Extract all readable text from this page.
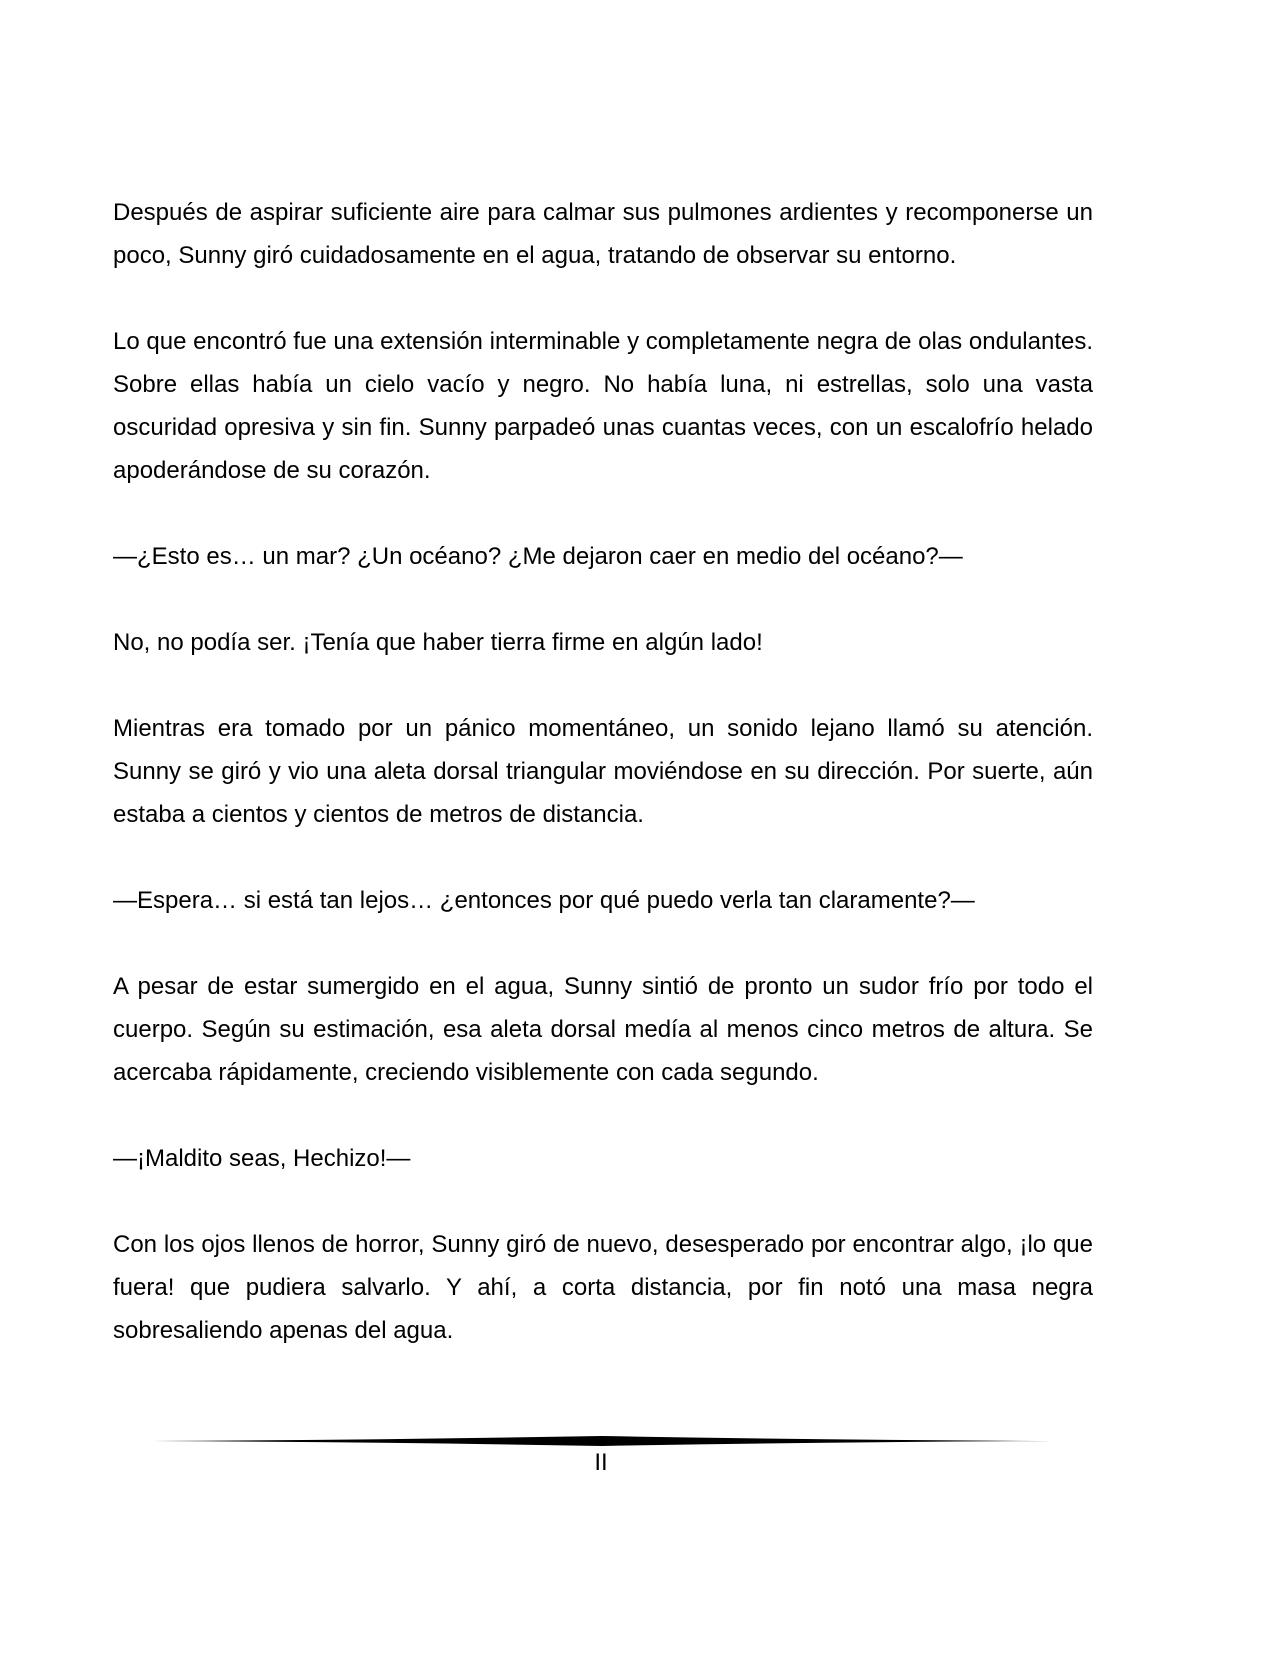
Después de aspirar suficiente aire para calmar sus pulmones ardientes y recomponerse un poco, Sunny giró cuidadosamente en el agua, tratando de observar su entorno.

Lo que encontró fue una extensión interminable y completamente negra de olas ondulantes. Sobre ellas había un cielo vacío y negro. No había luna, ni estrellas, solo una vasta oscuridad opresiva y sin fin. Sunny parpadeó unas cuantas veces, con un escalofrío helado apoderándose de su corazón.

—¿Esto es… un mar? ¿Un océano? ¿Me dejaron caer en medio del océano?—

No, no podía ser. ¡Tenía que haber tierra firme en algún lado!

Mientras era tomado por un pánico momentáneo, un sonido lejano llamó su atención. Sunny se giró y vio una aleta dorsal triangular moviéndose en su dirección. Por suerte, aún estaba a cientos y cientos de metros de distancia.

—Espera… si está tan lejos… ¿entonces por qué puedo verla tan claramente?—

A pesar de estar sumergido en el agua, Sunny sintió de pronto un sudor frío por todo el cuerpo. Según su estimación, esa aleta dorsal medía al menos cinco metros de altura. Se acercaba rápidamente, creciendo visiblemente con cada segundo.

—¡Maldito seas, Hechizo!—

Con los ojos llenos de horror, Sunny giró de nuevo, desesperado por encontrar algo, ¡lo que fuera! que pudiera salvarlo. Y ahí, a corta distancia, por fin notó una masa negra sobresaliendo apenas del agua.

II
